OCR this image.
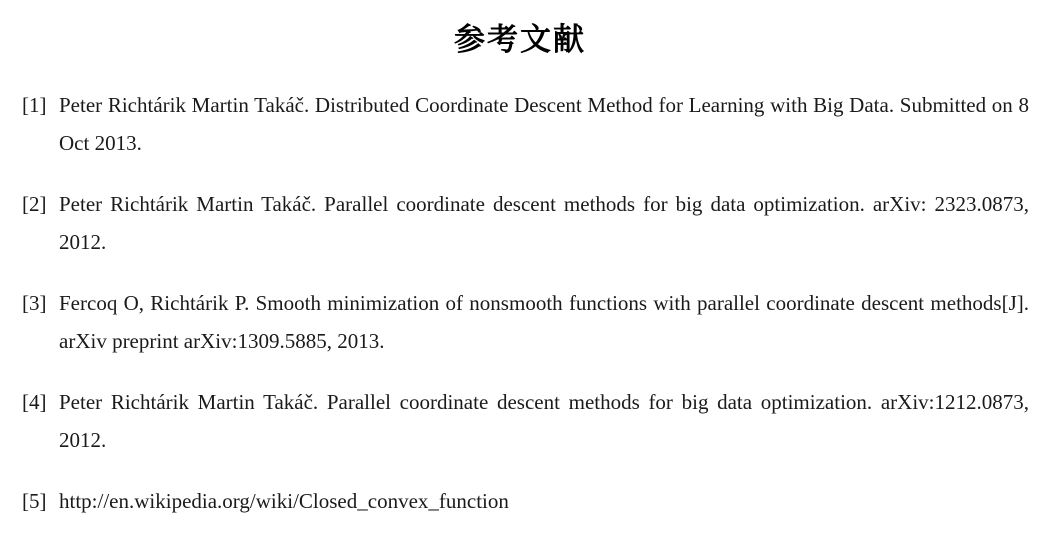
参考文献
[1] Peter Richtárik Martin Takáč. Distributed Coordinate Descent Method for Learning with Big Data. Submitted on 8 Oct 2013.
[2] Peter Richtárik Martin Takáč. Parallel coordinate descent methods for big data optimization. arXiv: 2323.0873, 2012.
[3] Fercoq O, Richtárik P. Smooth minimization of nonsmooth functions with parallel coordinate descent methods[J]. arXiv preprint arXiv:1309.5885, 2013.
[4] Peter Richtárik Martin Takáč. Parallel coordinate descent methods for big data optimization. arXiv:1212.0873, 2012.
[5] http://en.wikipedia.org/wiki/Closed_convex_function
